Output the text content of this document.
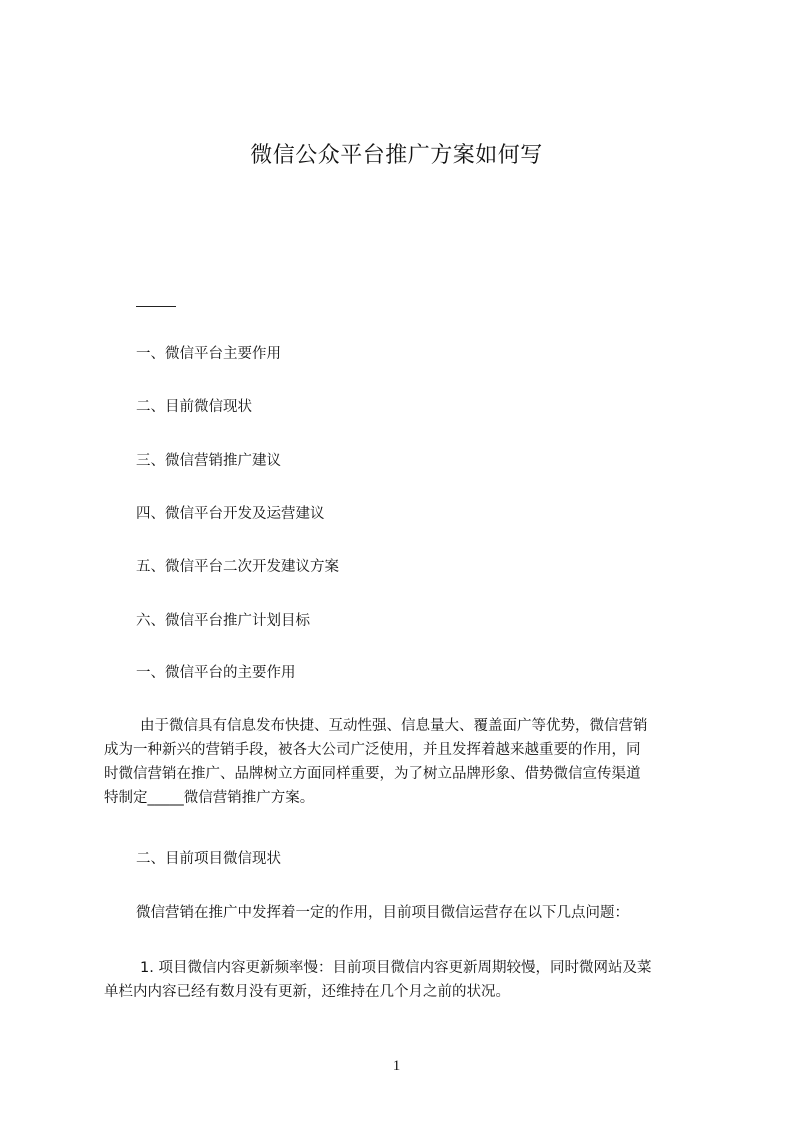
微信公众平台推广方案如何写
一、微信平台主要作用
二、目前微信现状
三、微信营销推广建议
四、微信平台开发及运营建议
五、微信平台二次开发建议方案
六、微信平台推广计划目标
一、微信平台的主要作用
由于微信具有信息发布快捷、互动性强、信息量大、覆盖面广等优势，微信营销
成为一种新兴的营销手段，被各大公司广泛使用，并且发挥着越来越重要的作用，同
时微信营销在推广、品牌树立方面同样重要，为了树立品牌形象、借势微信宣传渠道
特制定_____微信营销推广方案。
二、目前项目微信现状
微信营销在推广中发挥着一定的作用，目前项目微信运营存在以下几点问题：
1. 项目微信内容更新频率慢：目前项目微信内容更新周期较慢，同时微网站及菜
单栏内内容已经有数月没有更新，还维持在几个月之前的状况。
1
